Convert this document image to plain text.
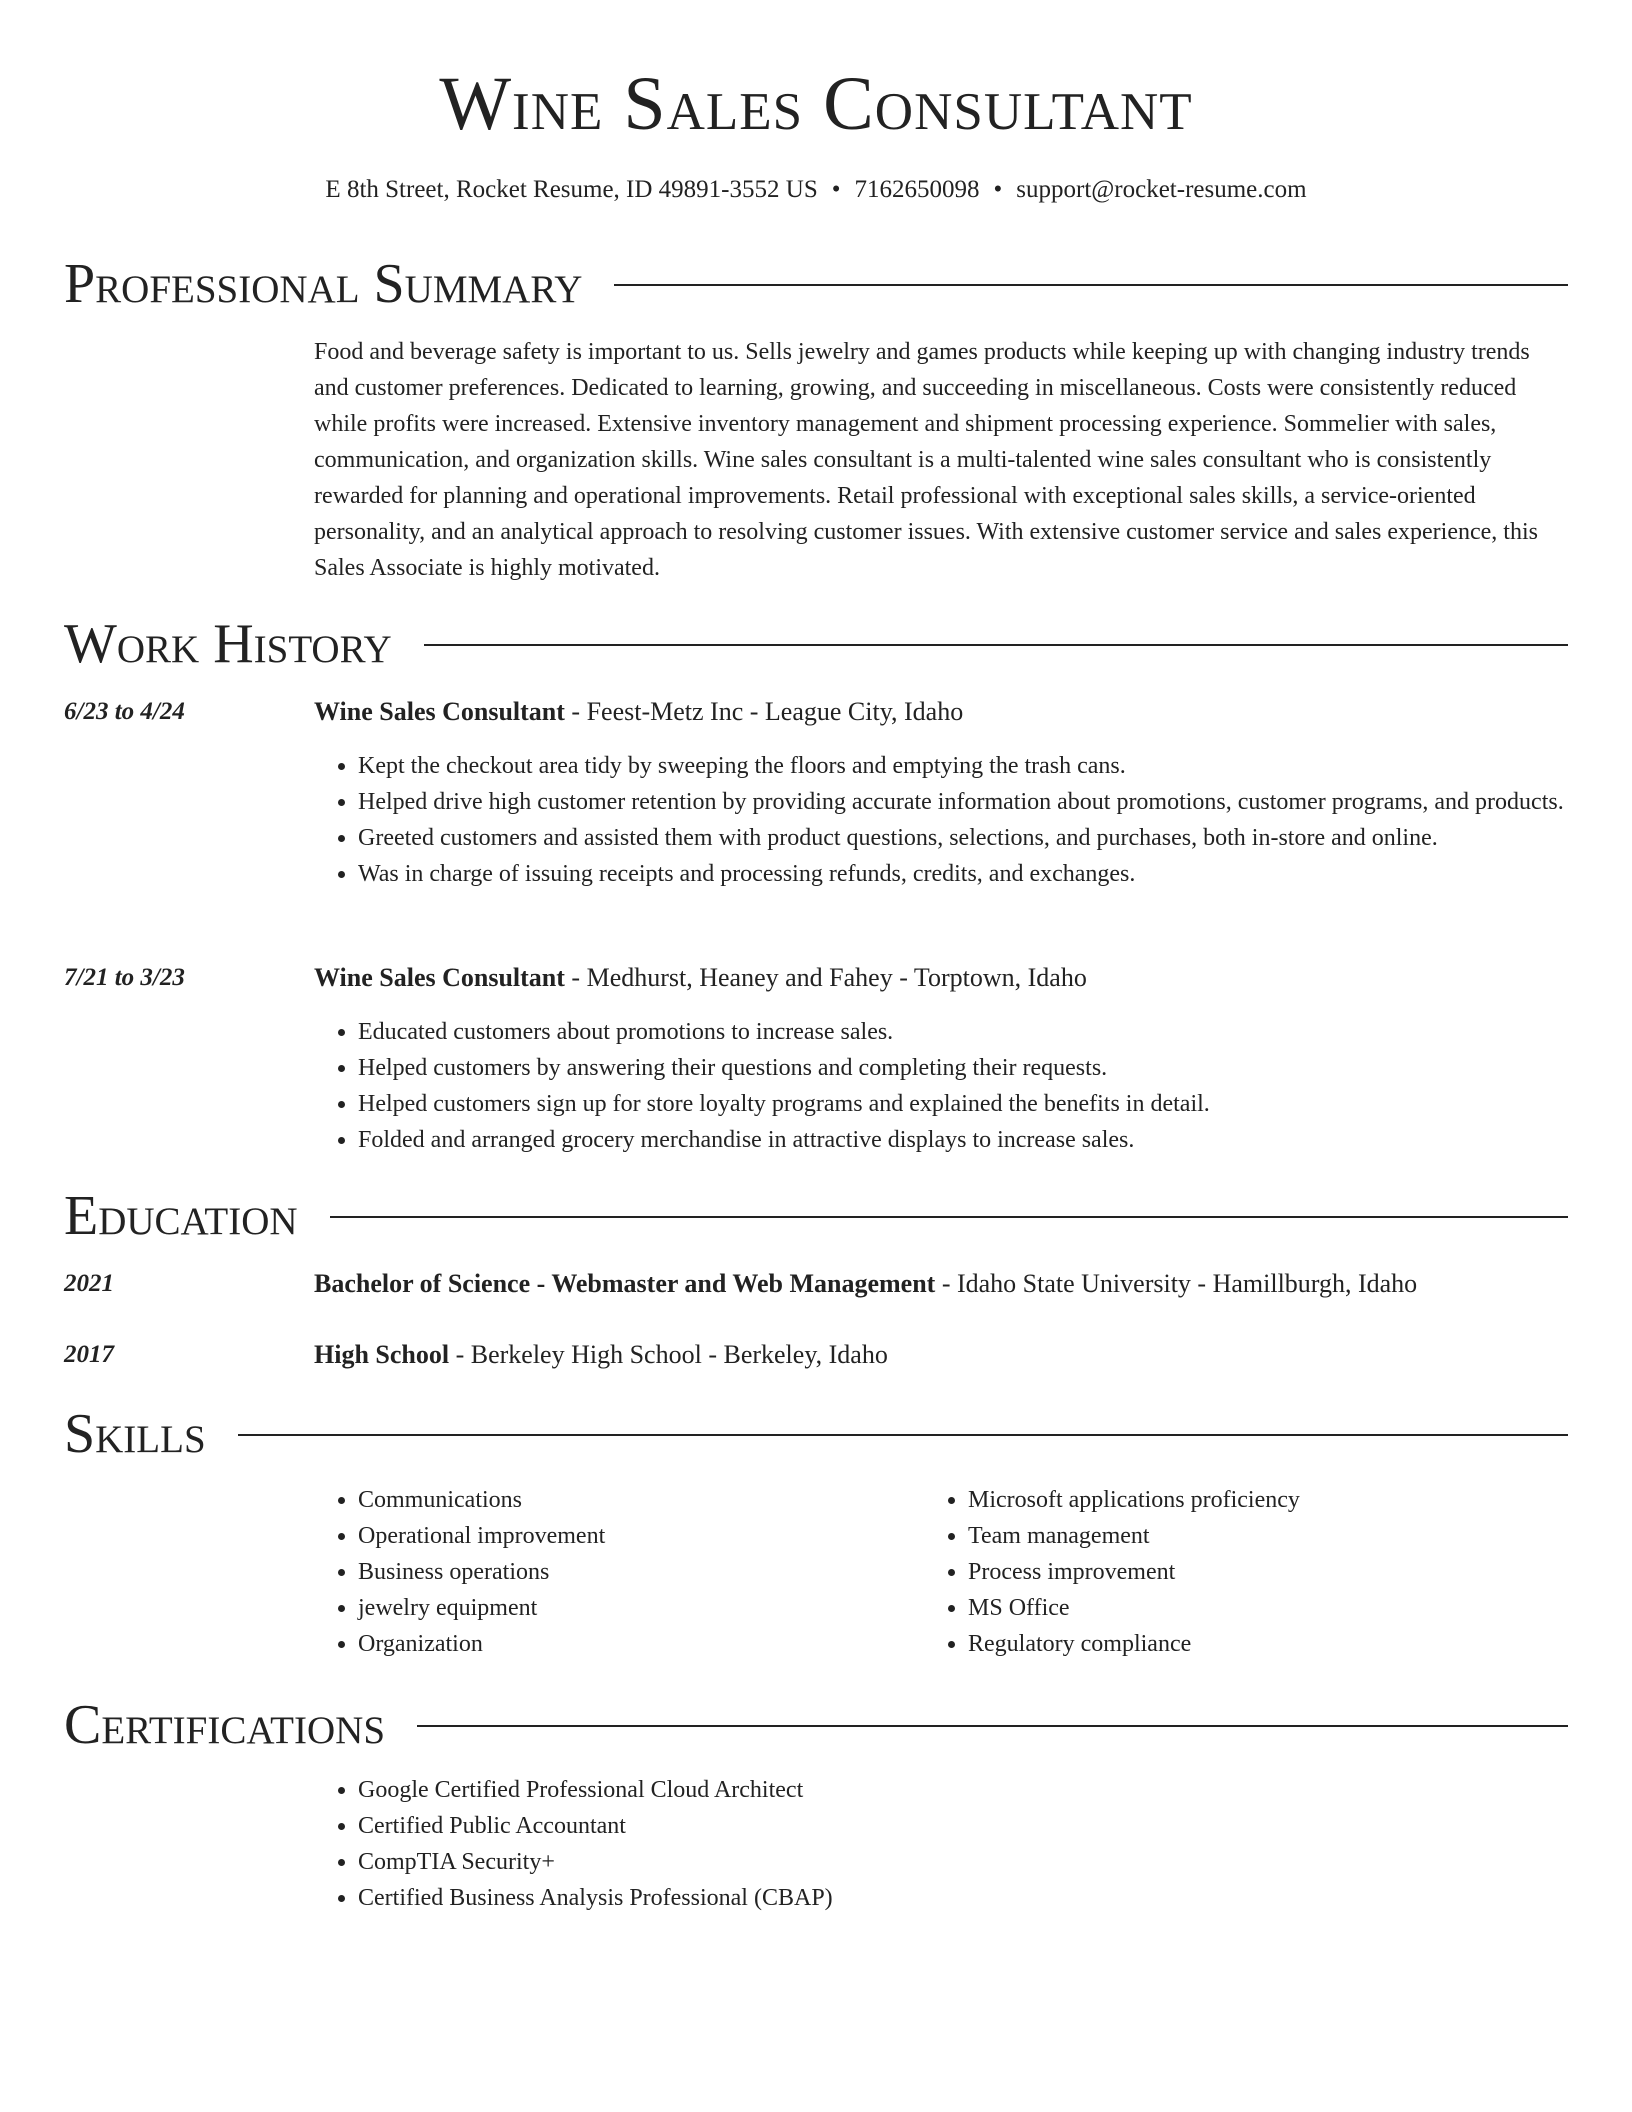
Wine Sales Consultant
E 8th Street, Rocket Resume, ID 49891-3552 US • 7162650098 • support@rocket-resume.com
Professional Summary

Food and beverage safety is important to us. Sells jewelry and games products while keeping up with changing industry trends and customer preferences. Dedicated to learning, growing, and succeeding in miscellaneous. Costs were consistently reduced while profits were increased. Extensive inventory management and shipment processing experience. Sommelier with sales, communication, and organization skills. Wine sales consultant is a multi-talented wine sales consultant who is consistently rewarded for planning and operational improvements. Retail professional with exceptional sales skills, a service-oriented personality, and an analytical approach to resolving customer issues. With extensive customer service and sales experience, this Sales Associate is highly motivated.

Work History
6/23 to 4/24	Wine Sales Consultant - Feest-Metz Inc - League City, Idaho
• Kept the checkout area tidy by sweeping the floors and emptying the trash cans.
• Helped drive high customer retention by providing accurate information about promotions, customer programs, and products.
• Greeted customers and assisted them with product questions, selections, and purchases, both in-store and online.
• Was in charge of issuing receipts and processing refunds, credits, and exchanges.
7/21 to 3/23	Wine Sales Consultant - Medhurst, Heaney and Fahey - Torptown, Idaho
• Educated customers about promotions to increase sales.
• Helped customers by answering their questions and completing their requests.
• Helped customers sign up for store loyalty programs and explained the benefits in detail.
• Folded and arranged grocery merchandise in attractive displays to increase sales.
Education
2021	Bachelor of Science - Webmaster and Web Management - Idaho State University - Hamillburgh, Idaho
2017	High School - Berkeley High School - Berkeley, Idaho
Skills
• Communications
• Operational improvement
• Business operations
• jewelry equipment
• Organization
• Microsoft applications proficiency
• Team management
• Process improvement
• MS Office
• Regulatory compliance
Certifications
• Google Certified Professional Cloud Architect
• Certified Public Accountant
• CompTIA Security+
• Certified Business Analysis Professional (CBAP)
